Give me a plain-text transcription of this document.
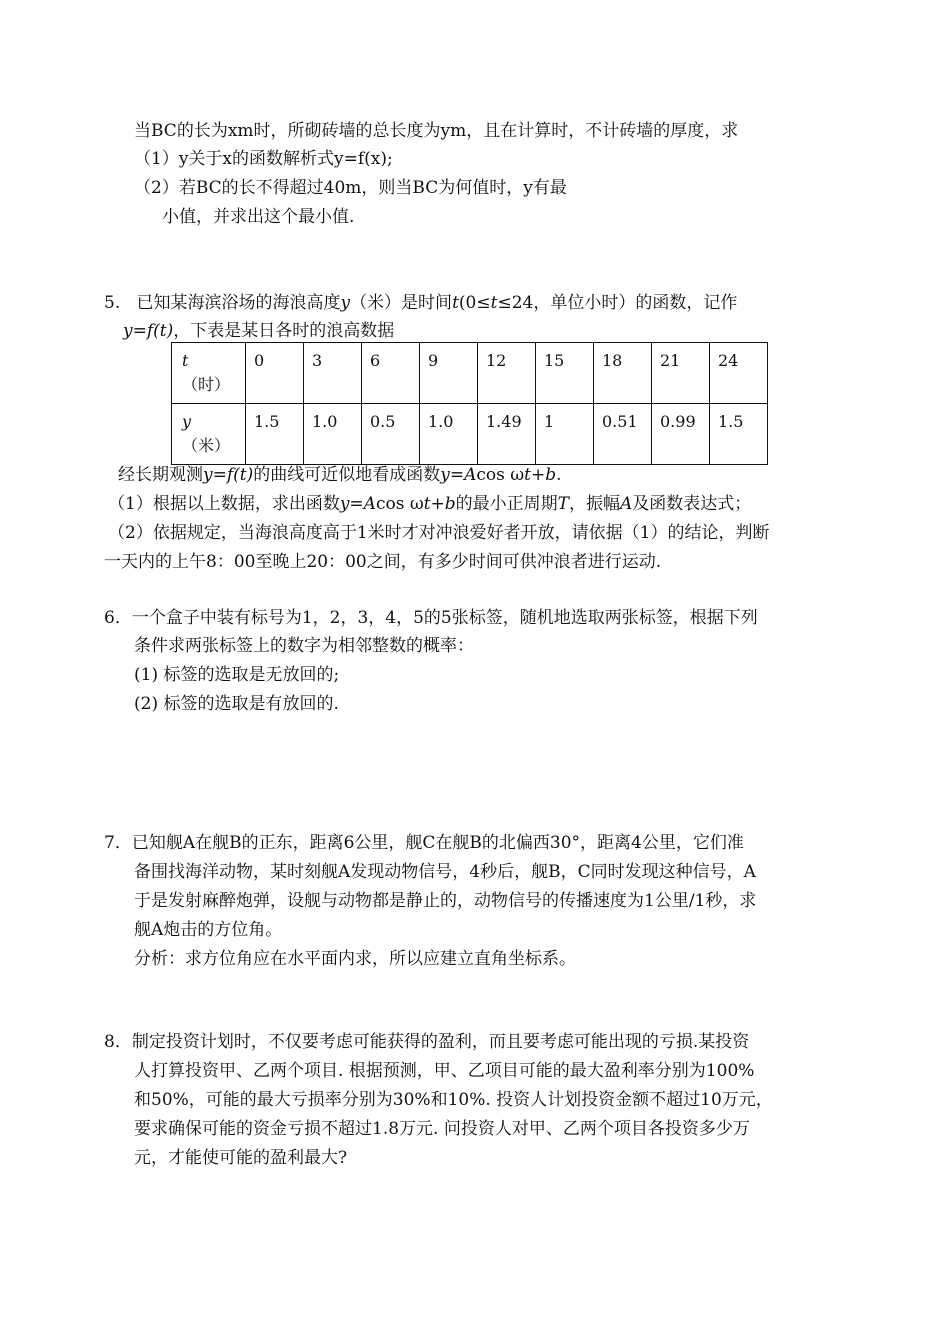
当BC的长为xm时，所砌砖墙的总长度为ym，且在计算时，不计砖墙的厚度，求
（1）y关于x的函数解析式y=f(x);
（2）若BC的长不得超过40m，则当BC为何值时，y有最
小值，并求出这个最小值.
5. 已知某海滨浴场的海浪高度y（米）是时间t(0≤t≤24，单位小时）的函数，记作
y=f(t)，下表是某日各时的浪高数据
t
（时）	0	3	6	9	12	15	18	21	24
y
（米）	1.5	1.0	0.5	1.0	1.49	1	0.51	0.99	1.5
经长期观测y=f(t)的曲线可近似地看成函数y=Acos ωt+b.
（1）根据以上数据，求出函数y=Acos ωt+b的最小正周期T，振幅A及函数表达式；
（2）依据规定，当海浪高度高于1米时才对冲浪爱好者开放，请依据（1）的结论，判断
一天内的上午8：00至晚上20：00之间，有多少时间可供冲浪者进行运动.
6．一个盒子中装有标号为1，2，3，4，5的5张标签，随机地选取两张标签，根据下列
条件求两张标签上的数字为相邻整数的概率：
(1) 标签的选取是无放回的;
(2) 标签的选取是有放回的.
7．已知舰A在舰B的正东，距离6公里，舰C在舰B的北偏西30°，距离4公里，它们准
备围找海洋动物，某时刻舰A发现动物信号，4秒后，舰B，C同时发现这种信号，A
于是发射麻醉炮弹，设舰与动物都是静止的，动物信号的传播速度为1公里/1秒，求
舰A炮击的方位角。
分析：求方位角应在水平面内求，所以应建立直角坐标系。
8．制定投资计划时，不仅要考虑可能获得的盈利，而且要考虑可能出现的亏损.某投资
人打算投资甲、乙两个项目. 根据预测，甲、乙项目可能的最大盈利率分别为100%
和50%，可能的最大亏损率分别为30%和10%. 投资人计划投资金额不超过10万元，
要求确保可能的资金亏损不超过1.8万元. 问投资人对甲、乙两个项目各投资多少万
元，才能使可能的盈利最大?
